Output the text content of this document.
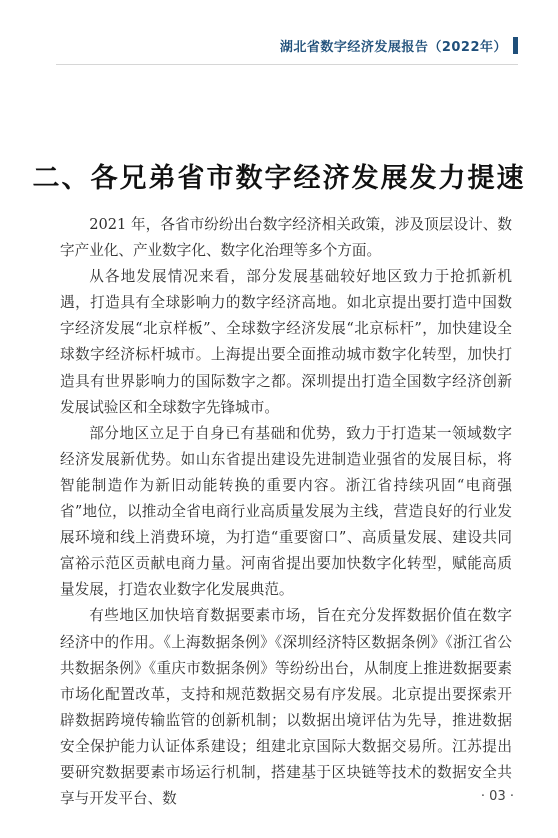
湖北省数字经济发展报告（2022年）
二、各兄弟省市数字经济发展发力提速

2021 年，各省市纷纷出台数字经济相关政策，涉及顶层设计、数字产业化、产业数字化、数字化治理等多个方面。

从各地发展情况来看，部分发展基础较好地区致力于抢抓新机遇，打造具有全球影响力的数字经济高地。如北京提出要打造中国数字经济发展“北京样板”、全球数字经济发展“北京标杆”，加快建设全球数字经济标杆城市。上海提出要全面推动城市数字化转型，加快打造具有世界影响力的国际数字之都。深圳提出打造全国数字经济创新发展试验区和全球数字先锋城市。

部分地区立足于自身已有基础和优势，致力于打造某一领域数字经济发展新优势。如山东省提出建设先进制造业强省的发展目标，将智能制造作为新旧动能转换的重要内容。浙江省持续巩固“电商强省”地位，以推动全省电商行业高质量发展为主线，营造良好的行业发展环境和线上消费环境，为打造“重要窗口”、高质量发展、建设共同富裕示范区贡献电商力量。河南省提出要加快数字化转型，赋能高质量发展，打造农业数字化发展典范。

有些地区加快培育数据要素市场，旨在充分发挥数据价值在数字经济中的作用。《上海数据条例》《深圳经济特区数据条例》《浙江省公共数据条例》《重庆市数据条例》等纷纷出台，从制度上推进数据要素市场化配置改革，支持和规范数据交易有序发展。北京提出要探索开辟数据跨境传输监管的创新机制；以数据出境评估为先导，推进数据安全保护能力认证体系建设；组建北京国际大数据交易所。江苏提出要研究数据要素市场运行机制，搭建基于区块链等技术的数据安全共享与开发平台、数	· 03 ·
